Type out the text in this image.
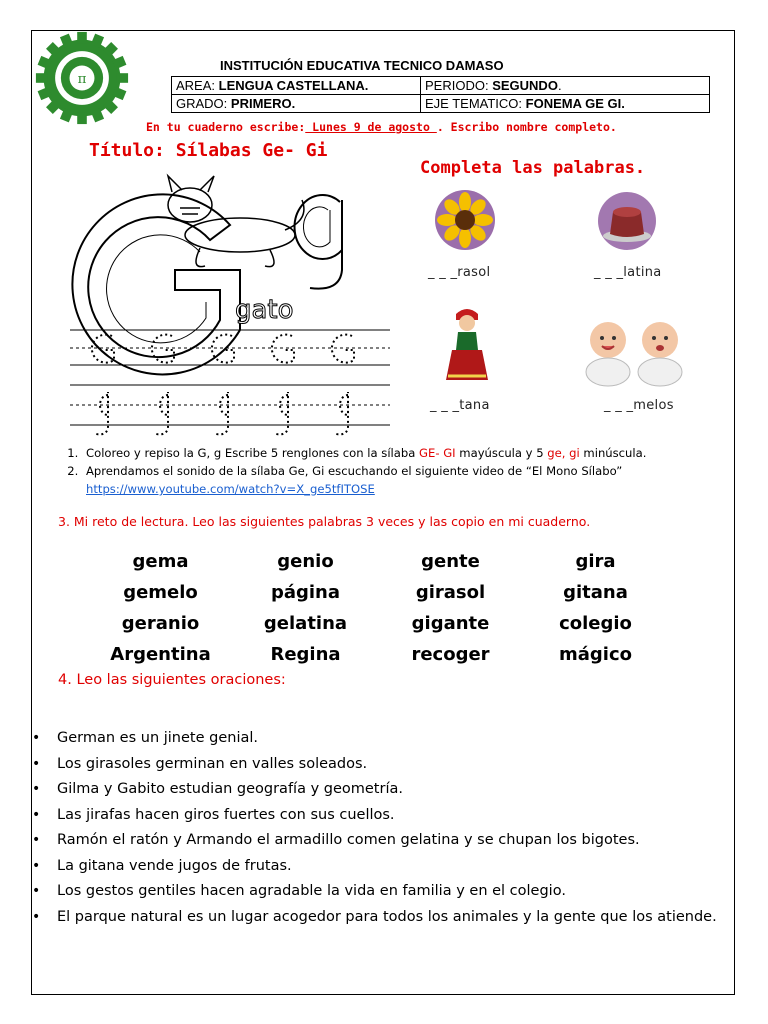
π
INSTITUCIÓN EDUCATIVA TECNICO DAMASO
AREA: LENGUA CASTELLANA.	PERIODO: SEGUNDO.
GRADO: PRIMERO.	EJE TEMATICO: FONEMA GE GI.
En tu cuaderno escribe: Lunes 9 de agosto . Escribo nombre completo.
Título: Sílabas Ge- Gi
Completa las palabras.
gato
_ _ _rasol	_ _ _latina
_ _ _tana	_ _ _melos
1. Coloreo y repiso la G, g Escribe 5 renglones con la sílaba GE- GI mayúscula y 5 ge, gi minúscula.
2. Aprendamos el sonido de la sílaba Ge, Gi escuchando el siguiente video de “El Mono Sílabo” https://www.youtube.com/watch?v=X_ge5tfITOSE
3. Mi reto de lectura. Leo las siguientes palabras 3 veces y las copio en mi cuaderno.
gema	genio	gente	gira
gemelo	página	girasol	gitana
geranio	gelatina	gigante	colegio
Argentina	Regina	recoger	mágico
4. Leo las siguientes oraciones:
• German es un jinete genial.
• Los girasoles germinan en valles soleados.
• Gilma y Gabito estudian geografía y geometría.
• Las jirafas hacen giros fuertes con sus cuellos.
• Ramón el ratón y Armando el armadillo comen gelatina y se chupan los bigotes.
• La gitana vende jugos de frutas.
• Los gestos gentiles hacen agradable la vida en familia y en el colegio.
• El parque natural es un lugar acogedor para todos los animales y la gente que los atiende.
